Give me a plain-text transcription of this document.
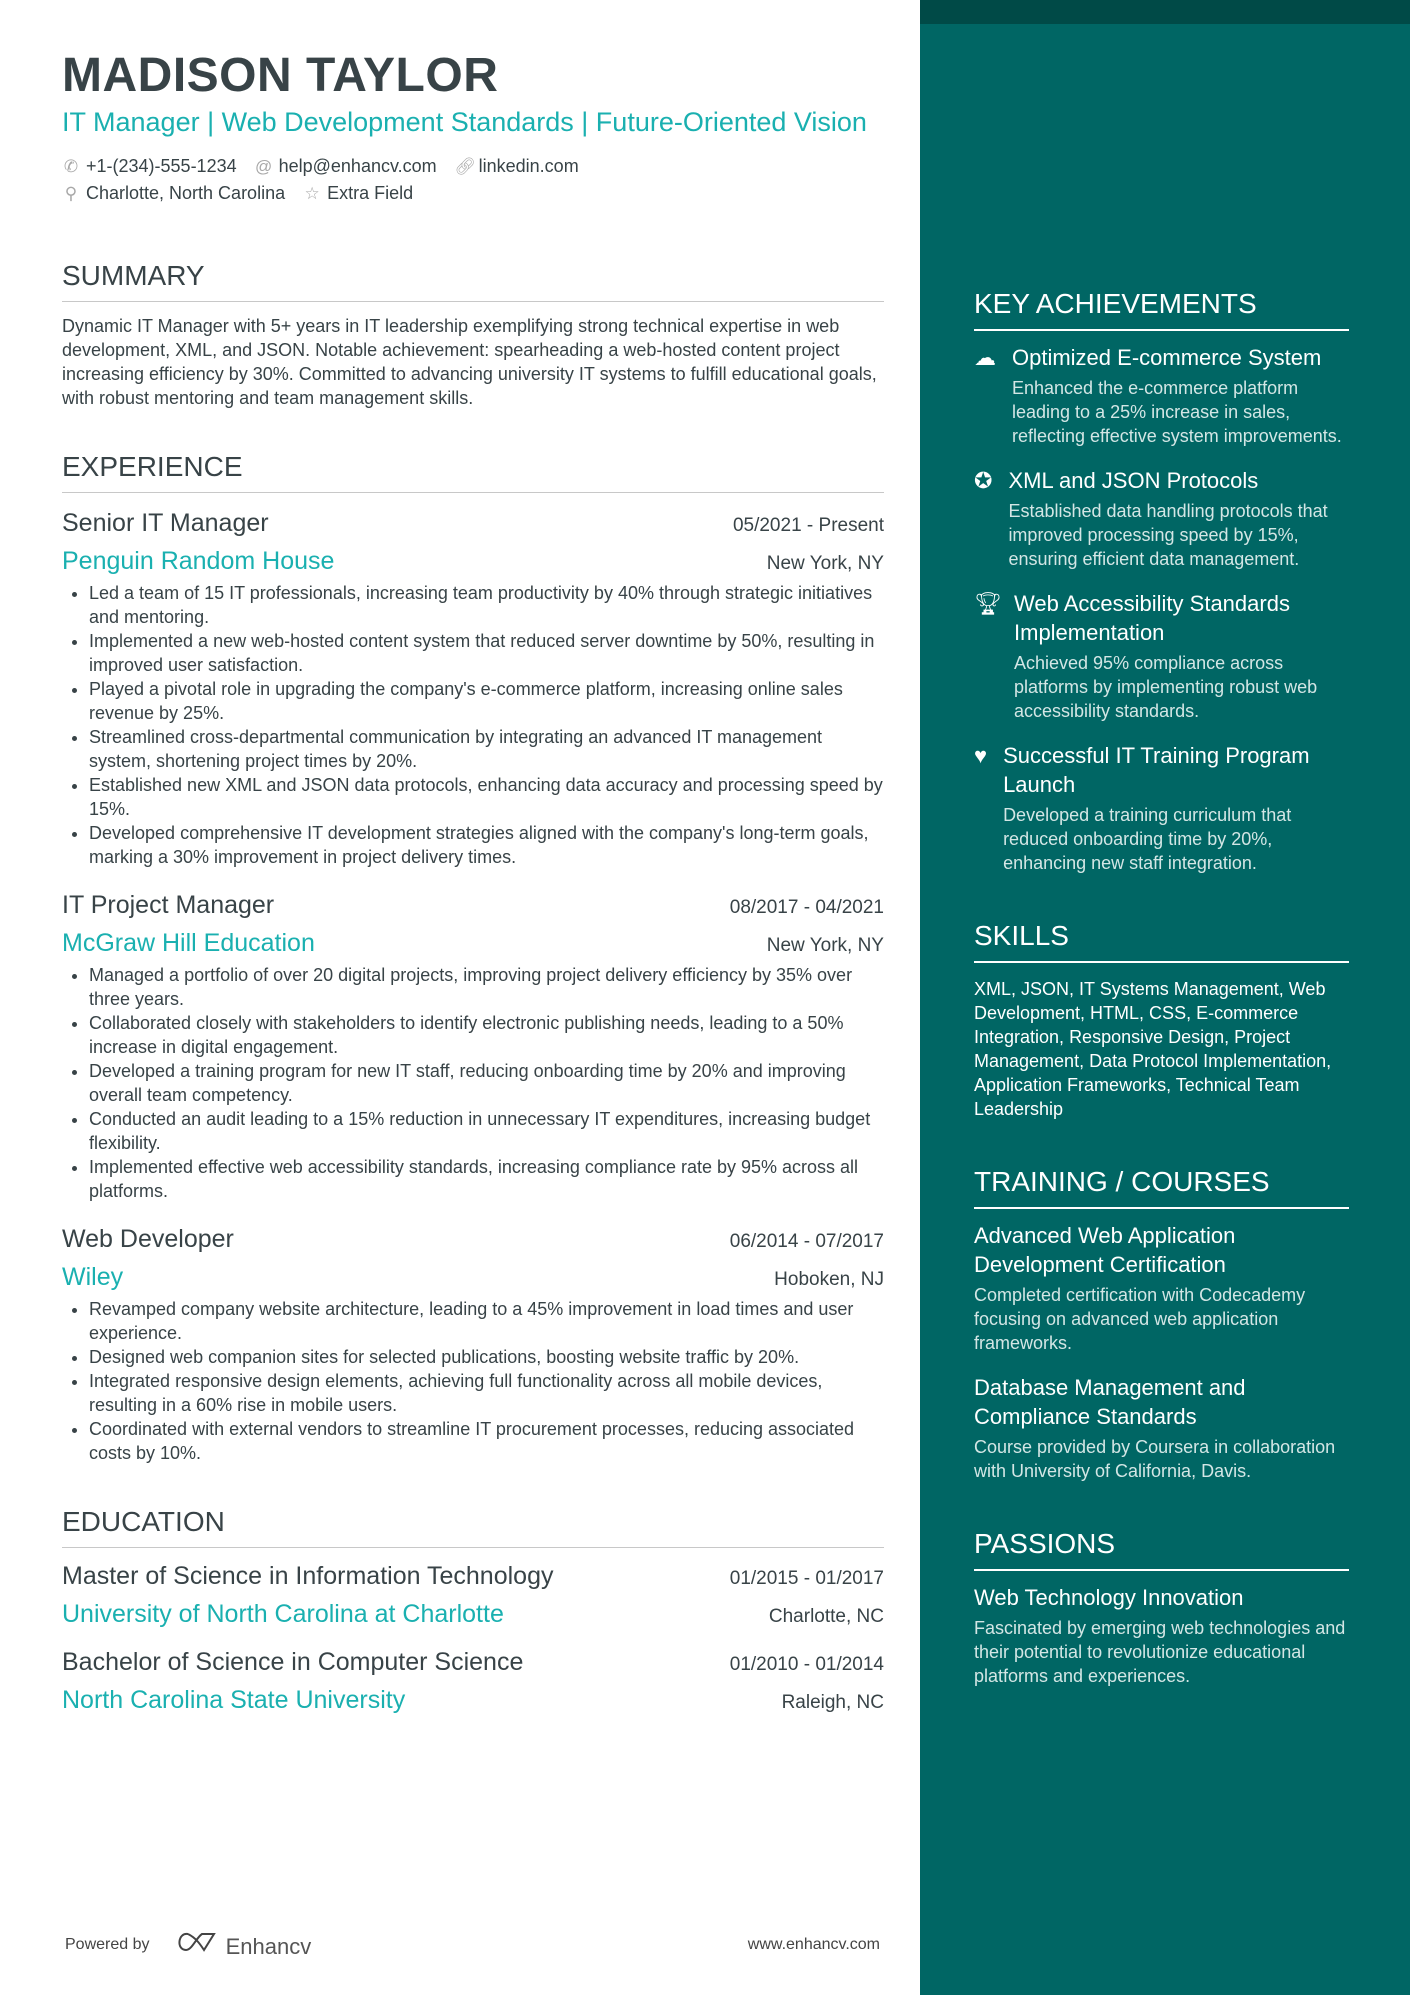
MADISON TAYLOR
IT Manager | Web Development Standards | Future-Oriented Vision
✆ +1-(234)-555-1234 @ help@enhancv.com 🔗︎ linkedin.com
⚲ Charlotte, North Carolina ☆ Extra Field
SUMMARY
Dynamic IT Manager with 5+ years in IT leadership exemplifying strong technical expertise in web development, XML, and JSON. Notable achievement: spearheading a web-hosted content project increasing efficiency by 30%. Committed to advancing university IT systems to fulfill educational goals, with robust mentoring and team management skills.
EXPERIENCE
Senior IT Manager	05/2021 - Present
Penguin Random House	New York, NY
• Led a team of 15 IT professionals, increasing team productivity by 40% through strategic initiatives and mentoring.
• Implemented a new web-hosted content system that reduced server downtime by 50%, resulting in improved user satisfaction.
• Played a pivotal role in upgrading the company's e-commerce platform, increasing online sales revenue by 25%.
• Streamlined cross-departmental communication by integrating an advanced IT management system, shortening project times by 20%.
• Established new XML and JSON data protocols, enhancing data accuracy and processing speed by 15%.
• Developed comprehensive IT development strategies aligned with the company's long-term goals, marking a 30% improvement in project delivery times.
IT Project Manager	08/2017 - 04/2021
McGraw Hill Education	New York, NY
• Managed a portfolio of over 20 digital projects, improving project delivery efficiency by 35% over three years.
• Collaborated closely with stakeholders to identify electronic publishing needs, leading to a 50% increase in digital engagement.
• Developed a training program for new IT staff, reducing onboarding time by 20% and improving overall team competency.
• Conducted an audit leading to a 15% reduction in unnecessary IT expenditures, increasing budget flexibility.
• Implemented effective web accessibility standards, increasing compliance rate by 95% across all platforms.
Web Developer	06/2014 - 07/2017
Wiley	Hoboken, NJ
• Revamped company website architecture, leading to a 45% improvement in load times and user experience.
• Designed web companion sites for selected publications, boosting website traffic by 20%.
• Integrated responsive design elements, achieving full functionality across all mobile devices, resulting in a 60% rise in mobile users.
• Coordinated with external vendors to streamline IT procurement processes, reducing associated costs by 10%.
EDUCATION
Master of Science in Information Technology	01/2015 - 01/2017
University of North Carolina at Charlotte	Charlotte, NC
Bachelor of Science in Computer Science	01/2010 - 01/2014
North Carolina State University	Raleigh, NC
KEY ACHIEVEMENTS
☁ Optimized E-commerce System
Enhanced the e-commerce platform leading to a 25% increase in sales, reflecting effective system improvements.
✪ XML and JSON Protocols
Established data handling protocols that improved processing speed by 15%, ensuring efficient data management.
🏆︎ Web Accessibility Standards Implementation
Achieved 95% compliance across platforms by implementing robust web accessibility standards.
♥ Successful IT Training Program Launch
Developed a training curriculum that reduced onboarding time by 20%, enhancing new staff integration.
SKILLS
XML, JSON, IT Systems Management, Web Development, HTML, CSS, E-commerce Integration, Responsive Design, Project Management, Data Protocol Implementation, Application Frameworks, Technical Team Leadership
TRAINING / COURSES
Advanced Web Application Development Certification
Completed certification with Codecademy focusing on advanced web application frameworks.
Database Management and Compliance Standards
Course provided by Coursera in collaboration with University of California, Davis.
PASSIONS
Web Technology Innovation
Fascinated by emerging web technologies and their potential to revolutionize educational platforms and experiences.
Powered by	Enhancv	www.enhancv.com
